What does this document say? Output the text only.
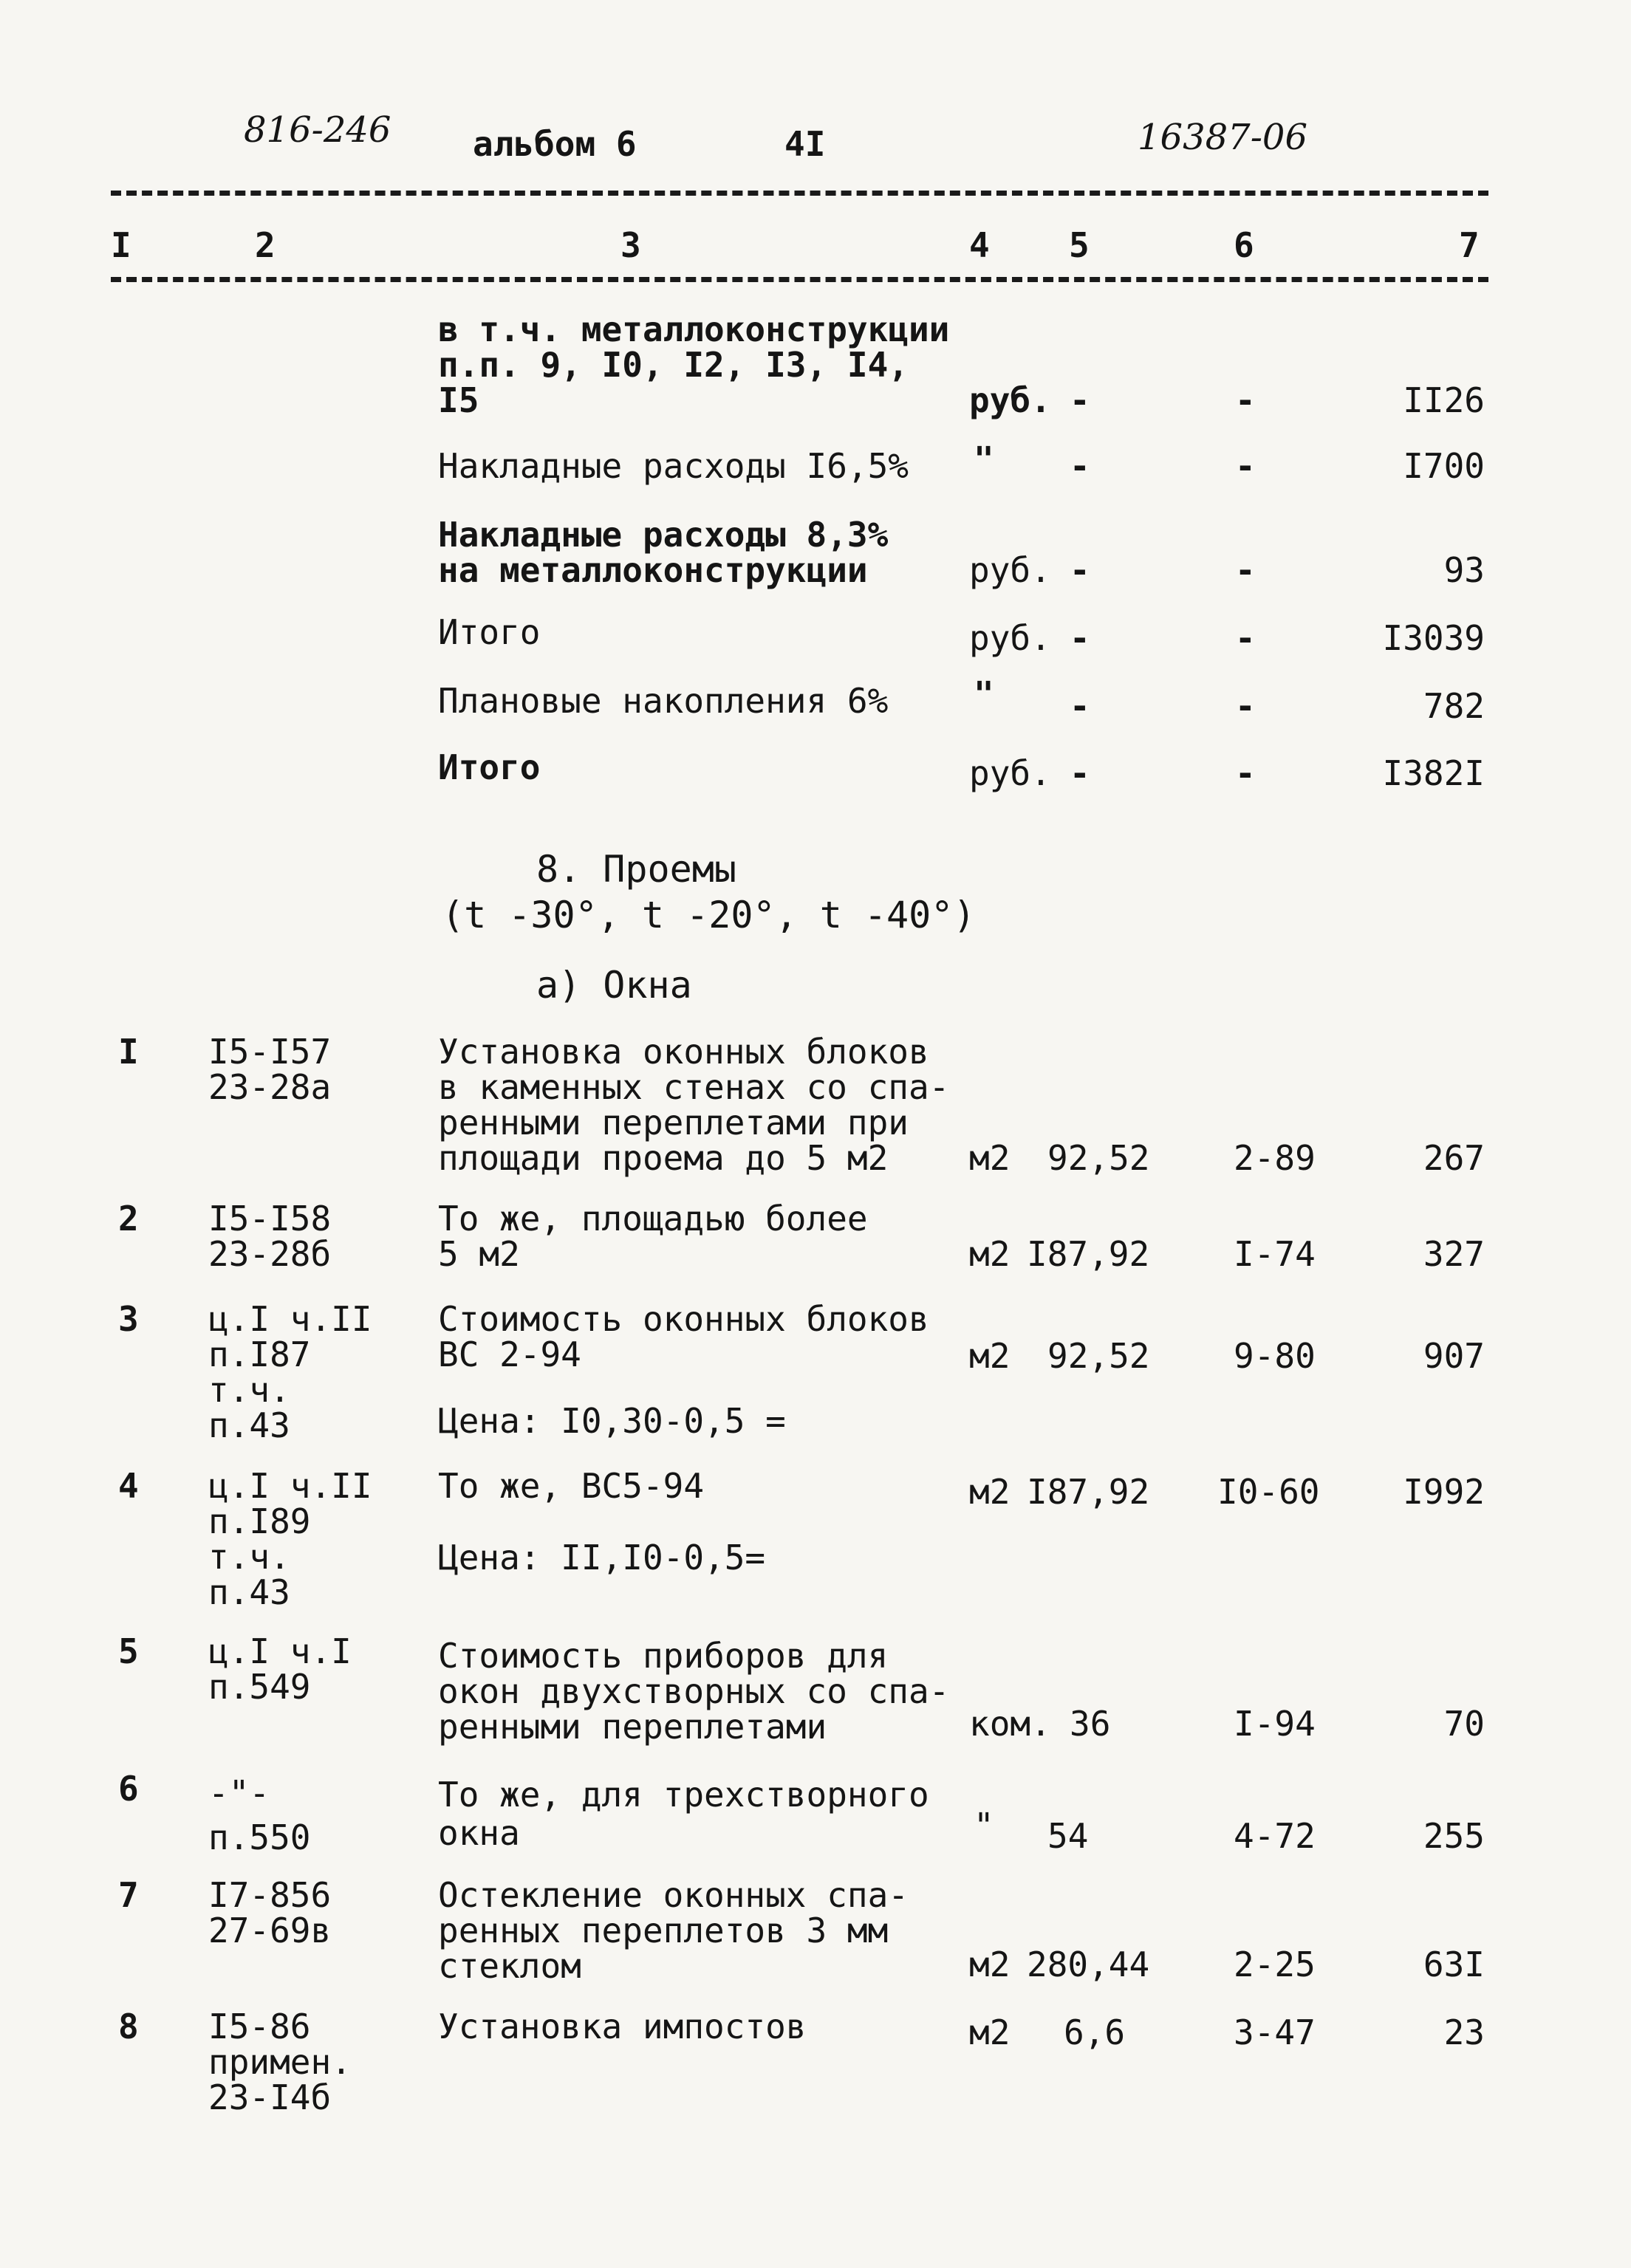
816-246 альбом 6	4I	16387-06
I	2	3	4 5	6	7
в т.ч. металлоконструкции
п.п. 9, I0, I2, I3, I4,
I5	руб. -	-	II26
Накладные расходы I6,5% " -	-	I700
Накладные расходы 8,3%
на металлоконструкции	руб. -	-	93
Итого	руб. -	-	I3039
Плановые накопления 6%	" -	-	782
Итого	руб. -	-	I382I
8. Проемы
(t -30°, t -20°, t -40°)
а) Окна
I I5-I57
23-28а
Установка оконных блоков
в каменных стенах со спа-
ренными переплетами при
площади проема до 5 м2	м2 92,52 2-89	267
2 I5-I58
23-28б
То же, площадью более
5 м2	м2 I87,92 I-74	327
3 ц.I ч.II
п.I87
т.ч.
п.43
Стоимость оконных блоков
ВС 2-94
Цена: I0,30-0,5 =
м2 92,52 9-80	907
4 ц.I ч.II
п.I89
т.ч.
п.43
То же, ВС5-94
Цена: II,I0-0,5=
м2 I87,92 I0-60 I992
5 ц.I ч.I
п.549
Стоимость приборов для
окон двухстворных со спа-
ренными переплетами	ком. 36	I-94	70
6 -"-
п.550
То же, для трехстворного
окна	" 54	4-72	255
7 I7-856
27-69в
Остекление оконных спа-
ренных переплетов 3 мм
стеклом	м2 280,44 2-25	63I
8 I5-86
примен.
23-I4б
Установка импостов	м2 6,6	3-47	23
